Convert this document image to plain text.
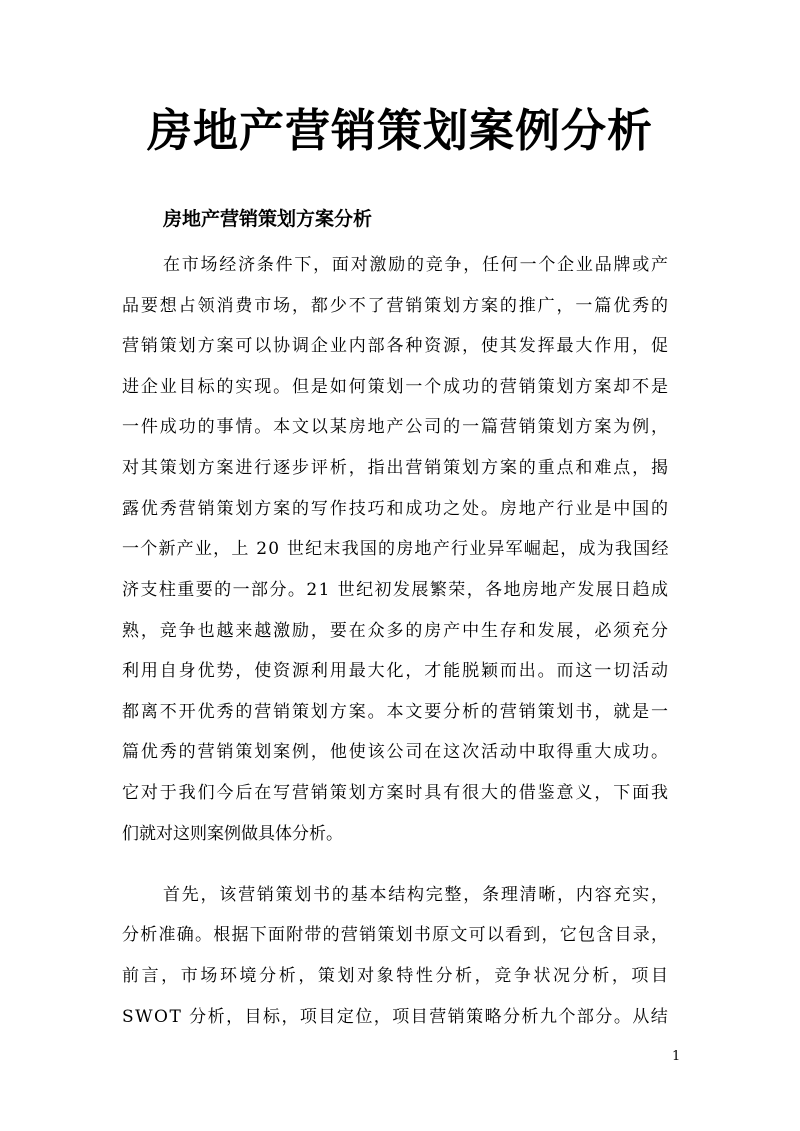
房地产营销策划案例分析
房地产营销策划方案分析

在市场经济条件下，面对激励的竞争，任何一个企业品牌或产

品要想占领消费市场，都少不了营销策划方案的推广，一篇优秀的

营销策划方案可以协调企业内部各种资源，使其发挥最大作用，促

进企业目标的实现。但是如何策划一个成功的营销策划方案却不是

一件成功的事情。本文以某房地产公司的一篇营销策划方案为例，

对其策划方案进行逐步评析，指出营销策划方案的重点和难点，揭

露优秀营销策划方案的写作技巧和成功之处。房地产行业是中国的

一个新产业，上 20 世纪末我国的房地产行业异军崛起，成为我国经

济支柱重要的一部分。21 世纪初发展繁荣，各地房地产发展日趋成

熟，竞争也越来越激励，要在众多的房产中生存和发展，必须充分

利用自身优势，使资源利用最大化，才能脱颖而出。而这一切活动

都离不开优秀的营销策划方案。本文要分析的营销策划书，就是一

篇优秀的营销策划案例，他使该公司在这次活动中取得重大成功。

它对于我们今后在写营销策划方案时具有很大的借鉴意义，下面我

们就对这则案例做具体分析。

首先，该营销策划书的基本结构完整，条理清晰，内容充实，

分析准确。根据下面附带的营销策划书原文可以看到，它包含目录，

前言，市场环境分析，策划对象特性分析，竞争状况分析，项目

SWOT 分析，目标，项目定位，项目营销策略分析九个部分。从结

1
